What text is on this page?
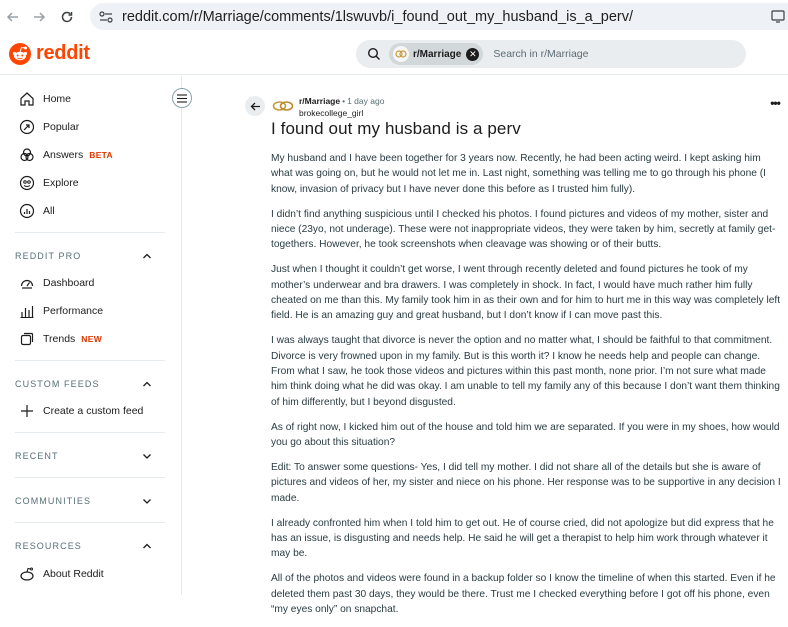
reddit.com/r/Marriage/comments/1lswuvb/i_found_out_my_husband_is_a_perv/
reddit	r/Marriage ✕
Search in r/Marriage
Home
Popular
Answers BETA
Explore
All
REDDIT PRO
Dashboard
Performance
Trends NEW
CUSTOM FEEDS
Create a custom feed
RECENT
COMMUNITIES
RESOURCES
About Reddit
r/Marriage • 1 day ago
brokecollege_girl
•••
I found out my husband is a perv

My husband and I have been together for 3 years now. Recently, he had been acting weird. I kept asking him what was going on, but he would not let me in. Last night, something was telling me to go through his phone (I know, invasion of privacy but I have never done this before as I trusted him fully).

I didn’t find anything suspicious until I checked his photos. I found pictures and videos of my mother, sister and niece (23yo, not underage). These were not inappropriate videos, they were taken by him, secretly at family get-togethers. However, he took screenshots when cleavage was showing or of their butts.

Just when I thought it couldn’t get worse, I went through recently deleted and found pictures he took of my mother’s underwear and bra drawers. I was completely in shock. In fact, I would have much rather him fully cheated on me than this. My family took him in as their own and for him to hurt me in this way was completely left field. He is an amazing guy and great husband, but I don’t know if I can move past this.

I was always taught that divorce is never the option and no matter what, I should be faithful to that commitment. Divorce is very frowned upon in my family. But is this worth it? I know he needs help and people can change. From what I saw, he took those videos and pictures within this past month, none prior. I’m not sure what made him think doing what he did was okay. I am unable to tell my family any of this because I don’t want them thinking of him differently, but I beyond disgusted.

As of right now, I kicked him out of the house and told him we are separated. If you were in my shoes, how would you go about this situation?

Edit: To answer some questions- Yes, I did tell my mother. I did not share all of the details but she is aware of pictures and videos of her, my sister and niece on his phone. Her response was to be supportive in any decision I made.

I already confronted him when I told him to get out. He of course cried, did not apologize but did express that he has an issue, is disgusting and needs help. He said he will get a therapist to help him work through whatever it may be.

All of the photos and videos were found in a backup folder so I know the timeline of when this started. Even if he deleted them past 30 days, they would be there. Trust me I checked everything before I got off his phone, even “my eyes only” on snapchat.
